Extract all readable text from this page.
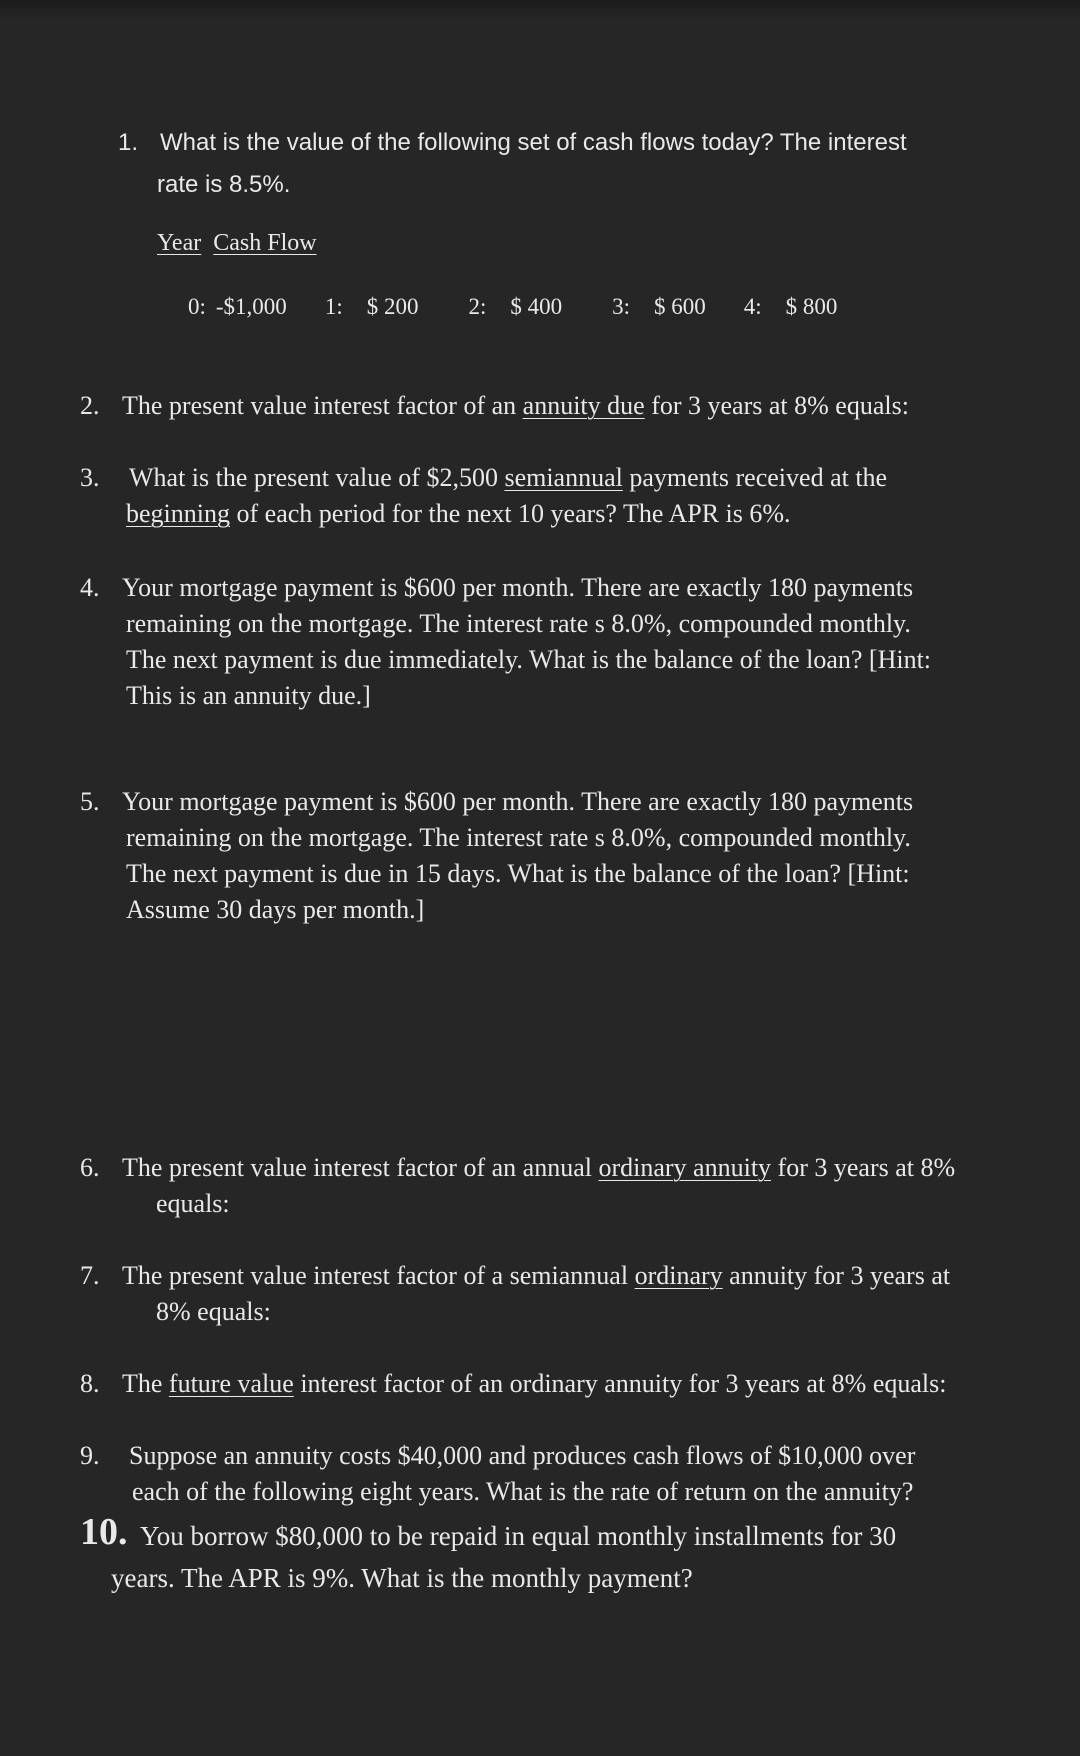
1. What is the value of the following set of cash flows today? The interest
rate is 8.5%.
Year Cash Flow
0: -$1,000 1: $ 200 2: $ 400 3: $ 600 4: $ 800
2. The present value interest factor of an annuity due for 3 years at 8% equals:
3. What is the present value of $2,500 semiannual payments received at the
beginning of each period for the next 10 years? The APR is 6%.
4. Your mortgage payment is $600 per month. There are exactly 180 payments
remaining on the mortgage. The interest rate s 8.0%, compounded monthly.
The next payment is due immediately. What is the balance of the loan? [Hint:
This is an annuity due.]
5. Your mortgage payment is $600 per month. There are exactly 180 payments
remaining on the mortgage. The interest rate s 8.0%, compounded monthly.
The next payment is due in 15 days. What is the balance of the loan? [Hint:
Assume 30 days per month.]
6. The present value interest factor of an annual ordinary annuity for 3 years at 8%
equals:
7. The present value interest factor of a semiannual ordinary annuity for 3 years at
8% equals:
8. The future value interest factor of an ordinary annuity for 3 years at 8% equals:
9. Suppose an annuity costs $40,000 and produces cash flows of $10,000 over
each of the following eight years. What is the rate of return on the annuity?
10. You borrow $80,000 to be repaid in equal monthly installments for 30
years. The APR is 9%. What is the monthly payment?
